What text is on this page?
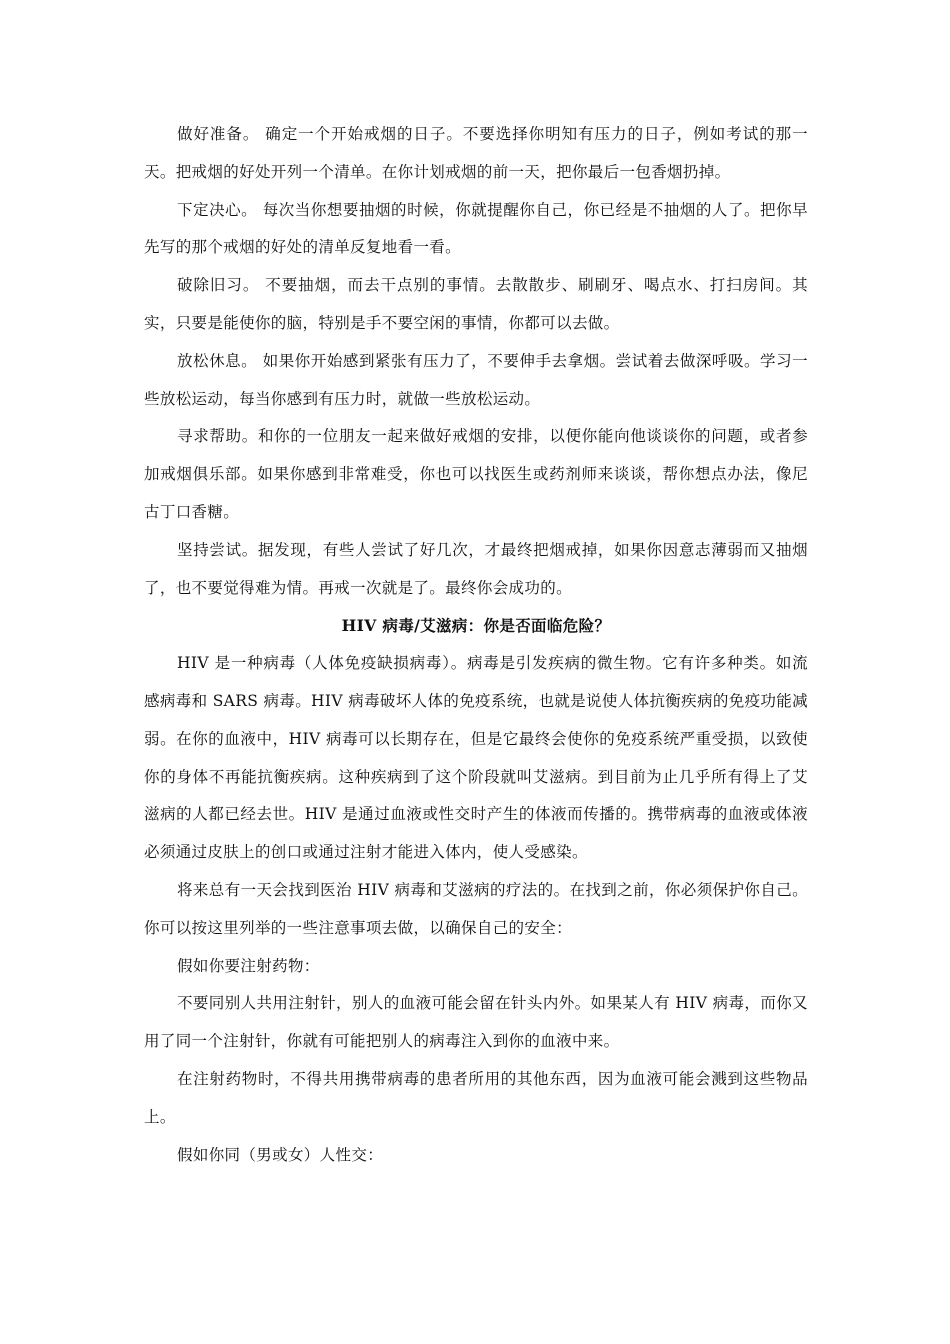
做好准备。 确定一个开始戒烟的日子。不要选择你明知有压力的日子，例如考试的那一天。把戒烟的好处开列一个清单。在你计划戒烟的前一天，把你最后一包香烟扔掉。

下定决心。 每次当你想要抽烟的时候，你就提醒你自己，你已经是不抽烟的人了。把你早先写的那个戒烟的好处的清单反复地看一看。

破除旧习。 不要抽烟，而去干点别的事情。去散散步、刷刷牙、喝点水、打扫房间。其实，只要是能使你的脑，特别是手不要空闲的事情，你都可以去做。

放松休息。 如果你开始感到紧张有压力了，不要伸手去拿烟。尝试着去做深呼吸。学习一些放松运动，每当你感到有压力时，就做一些放松运动。

寻求帮助。和你的一位朋友一起来做好戒烟的安排，以便你能向他谈谈你的问题，或者参加戒烟俱乐部。如果你感到非常难受，你也可以找医生或药剂师来谈谈，帮你想点办法，像尼古丁口香糖。

坚持尝试。据发现，有些人尝试了好几次，才最终把烟戒掉，如果你因意志薄弱而又抽烟了，也不要觉得难为情。再戒一次就是了。最终你会成功的。

HIV 病毒/艾滋病：你是否面临危险？

HIV 是一种病毒（人体免疫缺损病毒）。病毒是引发疾病的微生物。它有许多种类。如流感病毒和 SARS 病毒。HIV 病毒破坏人体的免疫系统，也就是说使人体抗衡疾病的免疫功能减弱。在你的血液中，HIV 病毒可以长期存在，但是它最终会使你的免疫系统严重受损，以致使你的身体不再能抗衡疾病。这种疾病到了这个阶段就叫艾滋病。到目前为止几乎所有得上了艾滋病的人都已经去世。HIV 是通过血液或性交时产生的体液而传播的。携带病毒的血液或体液必须通过皮肤上的创口或通过注射才能进入体内，使人受感染。

将来总有一天会找到医治 HIV 病毒和艾滋病的疗法的。在找到之前，你必须保护你自己。你可以按这里列举的一些注意事项去做，以确保自己的安全：

假如你要注射药物：

不要同别人共用注射针，别人的血液可能会留在针头内外。如果某人有 HIV 病毒，而你又用了同一个注射针，你就有可能把别人的病毒注入到你的血液中来。

在注射药物时，不得共用携带病毒的患者所用的其他东西，因为血液可能会溅到这些物品上。

假如你同（男或女）人性交：
